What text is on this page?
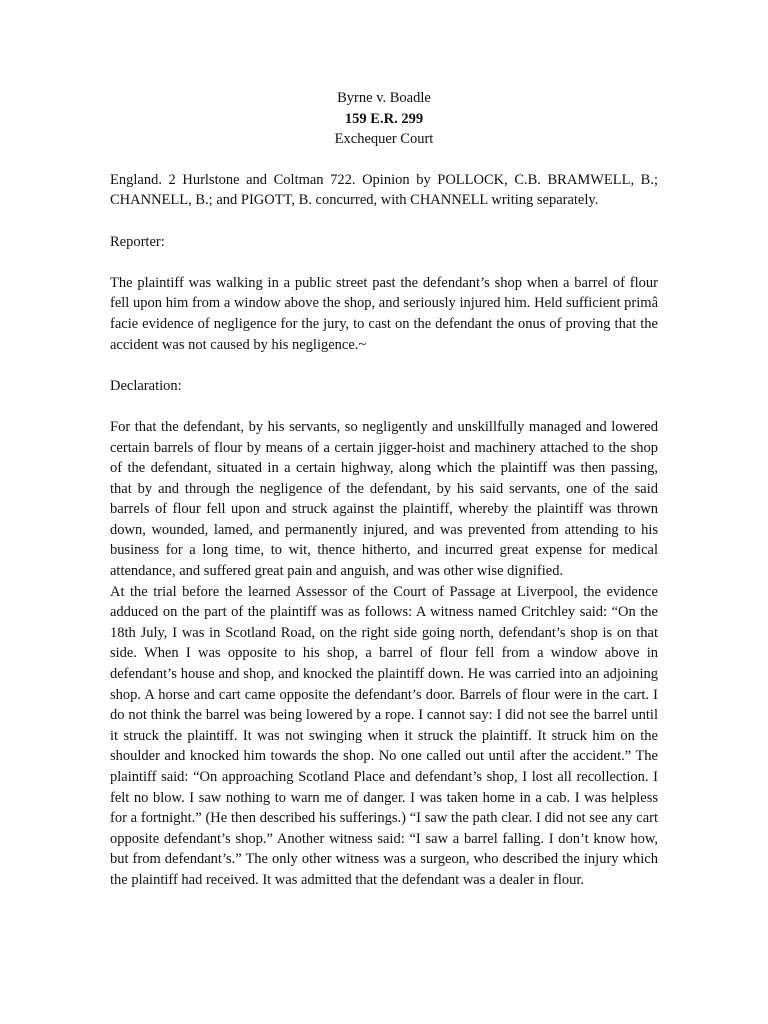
Byrne v. Boadle
159 E.R. 299
Exchequer Court

England. 2 Hurlstone and Coltman 722. Opinion by POLLOCK, C.B. BRAMWELL, B.; CHANNELL, B.; and PIGOTT, B. concurred, with CHANNELL writing separately.

Reporter:

The plaintiff was walking in a public street past the defendant’s shop when a barrel of flour fell upon him from a window above the shop, and seriously injured him. Held sufficient primâ facie evidence of negligence for the jury, to cast on the defendant the onus of proving that the accident was not caused by his negligence.~

Declaration:

For that the defendant, by his servants, so negligently and unskillfully managed and lowered certain barrels of flour by means of a certain jigger-hoist and machinery attached to the shop of the defendant, situated in a certain highway, along which the plaintiff was then passing, that by and through the negligence of the defendant, by his said servants, one of the said barrels of flour fell upon and struck against the plaintiff, whereby the plaintiff was thrown down, wounded, lamed, and permanently injured, and was prevented from attending to his business for a long time, to wit, thence hitherto, and incurred great expense for medical attendance, and suffered great pain and anguish, and was other wise dignified.

At the trial before the learned Assessor of the Court of Passage at Liverpool, the evidence adduced on the part of the plaintiff was as follows: A witness named Critchley said: “On the 18th July, I was in Scotland Road, on the right side going north, defendant’s shop is on that side. When I was opposite to his shop, a barrel of flour fell from a window above in defendant’s house and shop, and knocked the plaintiff down. He was carried into an adjoining shop. A horse and cart came opposite the defendant’s door. Barrels of flour were in the cart. I do not think the barrel was being lowered by a rope. I cannot say: I did not see the barrel until it struck the plaintiff. It was not swinging when it struck the plaintiff. It struck him on the shoulder and knocked him towards the shop. No one called out until after the accident.” The plaintiff said: “On approaching Scotland Place and defendant’s shop, I lost all recollection. I felt no blow. I saw nothing to warn me of danger. I was taken home in a cab. I was helpless for a fortnight.” (He then described his sufferings.) “I saw the path clear. I did not see any cart opposite defendant’s shop.” Another witness said: “I saw a barrel falling. I don’t know how, but from defendant’s.” The only other witness was a surgeon, who described the injury which the plaintiff had received. It was admitted that the defendant was a dealer in flour.
